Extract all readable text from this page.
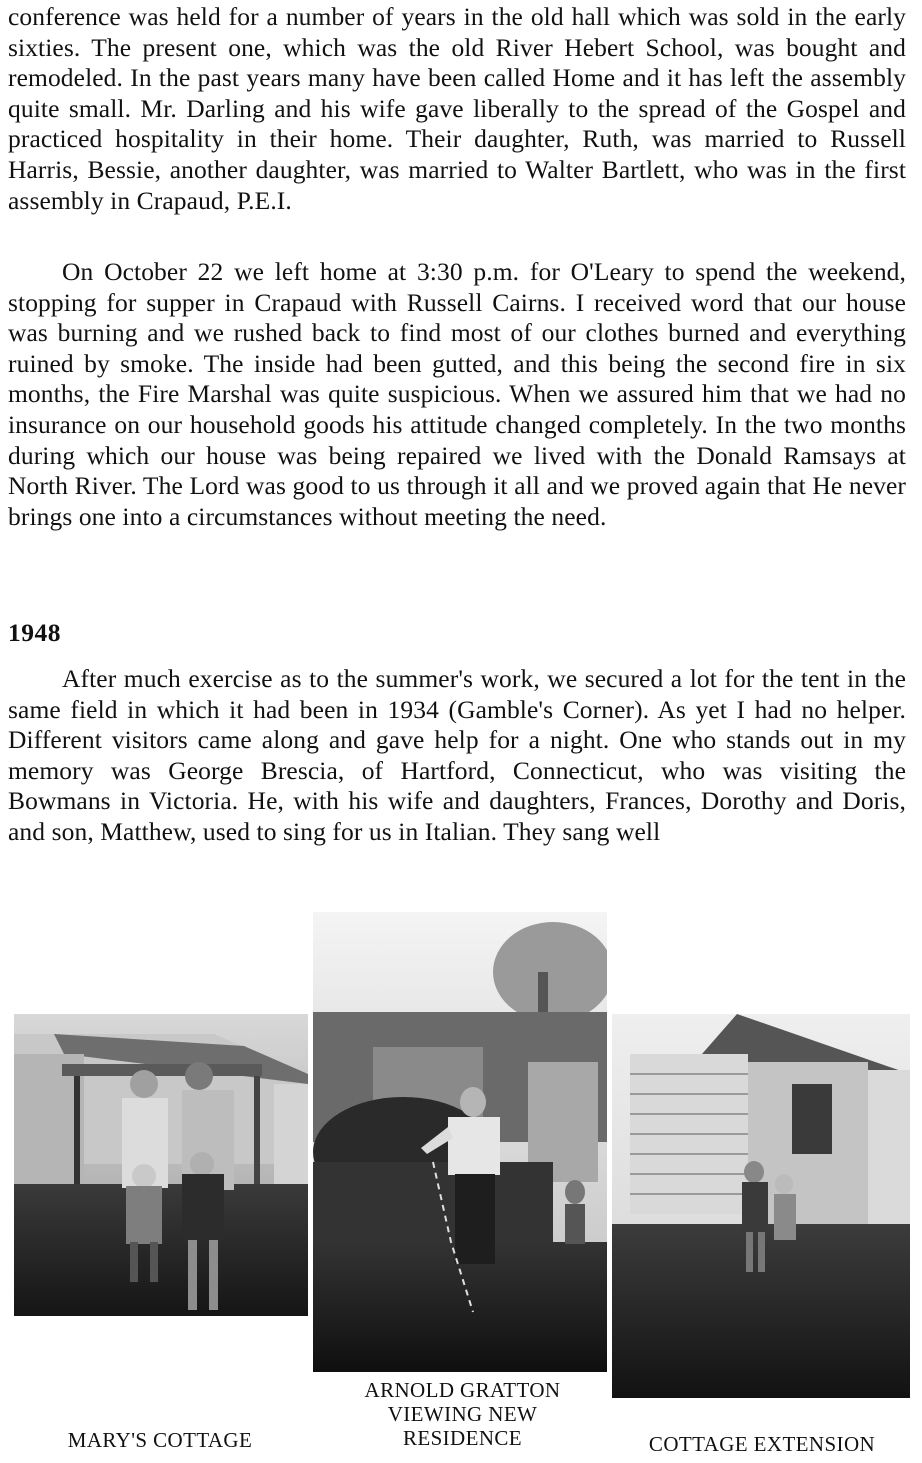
conference was held for a number of years in the old hall which was sold in the early sixties. The present one, which was the old River Hebert School, was bought and remodeled. In the past years many have been called Home and it has left the assembly quite small. Mr. Darling and his wife gave liberally to the spread of the Gospel and practiced hospitality in their home. Their daughter, Ruth, was married to Russell Harris, Bessie, another daughter, was married to Walter Bartlett, who was in the first assembly in Crapaud, P.E.I.

On October 22 we left home at 3:30 p.m. for O'Leary to spend the weekend, stopping for supper in Crapaud with Russell Cairns. I received word that our house was burning and we rushed back to find most of our clothes burned and everything ruined by smoke. The inside had been gutted, and this being the second fire in six months, the Fire Marshal was quite suspicious. When we assured him that we had no insurance on our household goods his attitude changed completely. In the two months during which our house was being repaired we lived with the Donald Ramsays at North River. The Lord was good to us through it all and we proved again that He never brings one into a circumstances without meeting the need.

1948

After much exercise as to the summer's work, we secured a lot for the tent in the same field in which it had been in 1934 (Gamble's Corner). As yet I had no helper. Different visitors came along and gave help for a night. One who stands out in my memory was George Brescia, of Hartford, Connecticut, who was visiting the Bowmans in Victoria. He, with his wife and daughters, Frances, Dorothy and Doris, and son, Matthew, used to sing for us in Italian. They sang well

MARY'S COTTAGE
ARNOLD GRATTON
VIEWING NEW
RESIDENCE	COTTAGE EXTENSION
